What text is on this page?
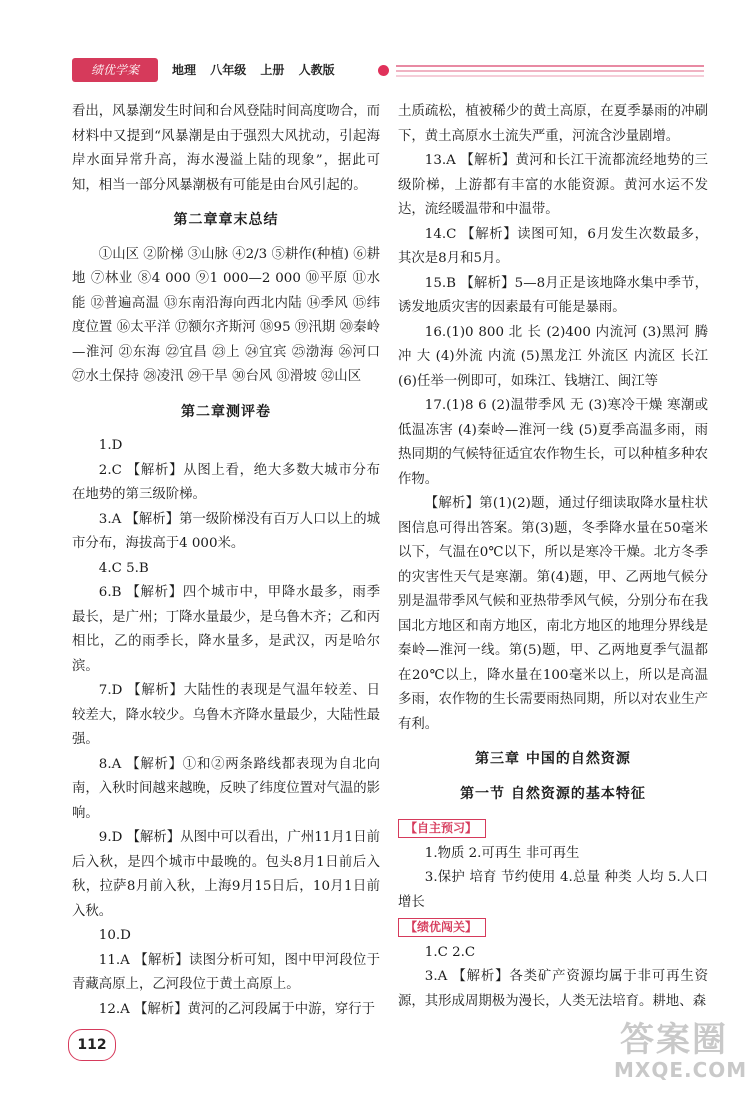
绩优学案	地理 八年级 上册 人教版

看出，风暴潮发生时间和台风登陆时间高度吻合，而材料中又提到“风暴潮是由于强烈大风扰动，引起海岸水面异常升高，海水漫溢上陆的现象”，据此可知，相当一部分风暴潮极有可能是由台风引起的。

第二章章末总结

①山区 ②阶梯 ③山脉 ④2/3 ⑤耕作(种植) ⑥耕地 ⑦林业 ⑧4 000 ⑨1 000—2 000 ⑩平原 ⑪水能 ⑫普遍高温 ⑬东南沿海向西北内陆 ⑭季风 ⑮纬度位置 ⑯太平洋 ⑰额尔齐斯河 ⑱95 ⑲汛期 ⑳秦岭—淮河 ㉑东海 ㉒宜昌 ㉓上 ㉔宜宾 ㉕渤海 ㉖河口 ㉗水土保持 ㉘凌汛 ㉙干旱 ㉚台风 ㉛滑坡 ㉜山区

第二章测评卷

1.D

2.C 【解析】从图上看，绝大多数大城市分布在地势的第三级阶梯。

3.A 【解析】第一级阶梯没有百万人口以上的城市分布，海拔高于4 000米。

4.C 5.B

6.B 【解析】四个城市中，甲降水最多，雨季最长，是广州；丁降水量最少，是乌鲁木齐；乙和丙相比，乙的雨季长，降水量多，是武汉，丙是哈尔滨。

7.D 【解析】大陆性的表现是气温年较差、日较差大，降水较少。乌鲁木齐降水量最少，大陆性最强。

8.A 【解析】①和②两条路线都表现为自北向南，入秋时间越来越晚，反映了纬度位置对气温的影响。

9.D 【解析】从图中可以看出，广州11月1日前后入秋，是四个城市中最晚的。包头8月1日前后入秋，拉萨8月前入秋，上海9月15日后，10月1日前入秋。

10.D

11.A 【解析】读图分析可知，图中甲河段位于青藏高原上，乙河段位于黄土高原上。

12.A 【解析】黄河的乙河段属于中游，穿行于

土质疏松，植被稀少的黄土高原，在夏季暴雨的冲刷下，黄土高原水土流失严重，河流含沙量剧增。

13.A 【解析】黄河和长江干流都流经地势的三级阶梯，上游都有丰富的水能资源。黄河水运不发达，流经暖温带和中温带。

14.C 【解析】读图可知，6月发生次数最多，其次是8月和5月。

15.B 【解析】5—8月正是该地降水集中季节，诱发地质灾害的因素最有可能是暴雨。

16.(1)0 800 北 长 (2)400 内流河 (3)黑河 腾冲 大 (4)外流 内流 (5)黑龙江 外流区 内流区 长江 (6)任举一例即可，如珠江、钱塘江、闽江等

17.(1)8 6 (2)温带季风 无 (3)寒冷干燥 寒潮或低温冻害 (4)秦岭—淮河一线 (5)夏季高温多雨，雨热同期的气候特征适宜农作物生长，可以种植多种农作物。

【解析】第(1)(2)题，通过仔细读取降水量柱状图信息可得出答案。第(3)题，冬季降水量在50毫米以下，气温在0℃以下，所以是寒冷干燥。北方冬季的灾害性天气是寒潮。第(4)题，甲、乙两地气候分别是温带季风气候和亚热带季风气候，分别分布在我国北方地区和南方地区，南北方地区的地理分界线是秦岭—淮河一线。第(5)题，甲、乙两地夏季气温都在20℃以上，降水量在100毫米以上，所以是高温多雨，农作物的生长需要雨热同期，所以对农业生产有利。

第三章 中国的自然资源
第一节 自然资源的基本特征
【自主预习】

1.物质 2.可再生 非可再生

3.保护 培育 节约使用 4.总量 种类 人均 5.人口增长

【绩优闯关】

1.C 2.C

3.A 【解析】各类矿产资源均属于非可再生资源，其形成周期极为漫长，人类无法培育。耕地、森

112	答案圈
MXQE.COM
